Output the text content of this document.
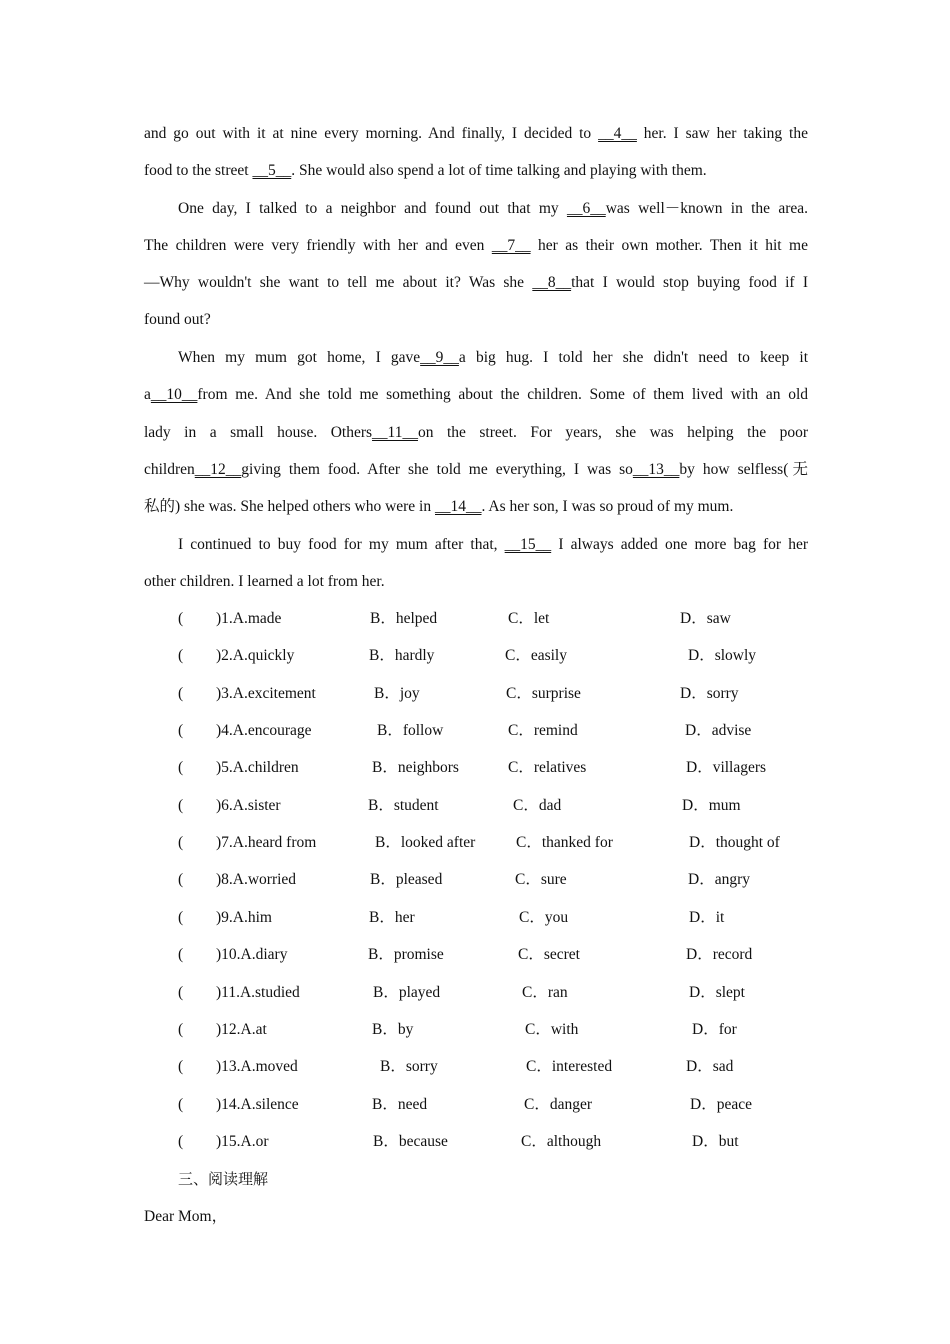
and go out with it at nine every morning. And finally, I decided to __4__ her. I saw her taking the
food to the street __5__. She would also spend a lot of time talking and playing with them.
One day, I talked to a neighbor and found out that my __6__was well－known in the area.
The children were very friendly with her and even __7__ her as their own mother. Then it hit me
—Why wouldn't she want to tell me about it? Was she __8__that I would stop buying food if I
found out?
When my mum got home, I gave__9__a big hug. I told her she didn't need to keep it
a__10__from me. And she told me something about the children. Some of them lived with an old
lady in a small house. Others__11__on the street. For years, she was helping the poor
children__12__giving them food. After she told me everything, I was so__13__by how selfless(无
私的) she was. She helped others who were in __14__. As her son, I was so proud of my mum.
I continued to buy food for my mum after that, __15__ I always added one more bag for her
other children. I learned a lot from her.
( )1.A.made	B．helped	C．let	D．saw
( )2.A.quickly	B．hardly	C．easily	D．slowly
( )3.A.excitement	B．joy	C．surprise	D．sorry
( )4.A.encourage	B．follow	C．remind	D．advise
( )5.A.children	B．neighbors	C．relatives	D．villagers
( )6.A.sister	B．student	C．dad	D．mum
( )7.A.heard from	B．looked after	C．thanked for	D．thought of
( )8.A.worried	B．pleased	C．sure	D．angry
( )9.A.him	B．her	C．you	D．it
( )10.A.diary	B．promise	C．secret	D．record
( )11.A.studied	B．played	C．ran	D．slept
( )12.A.at	B．by	C．with	D．for
( )13.A.moved	B．sorry	C．interested	D．sad
( )14.A.silence	B．need	C．danger	D．peace
( )15.A.or	B．because	C．although	D．but
三、阅读理解
Dear Mom，
